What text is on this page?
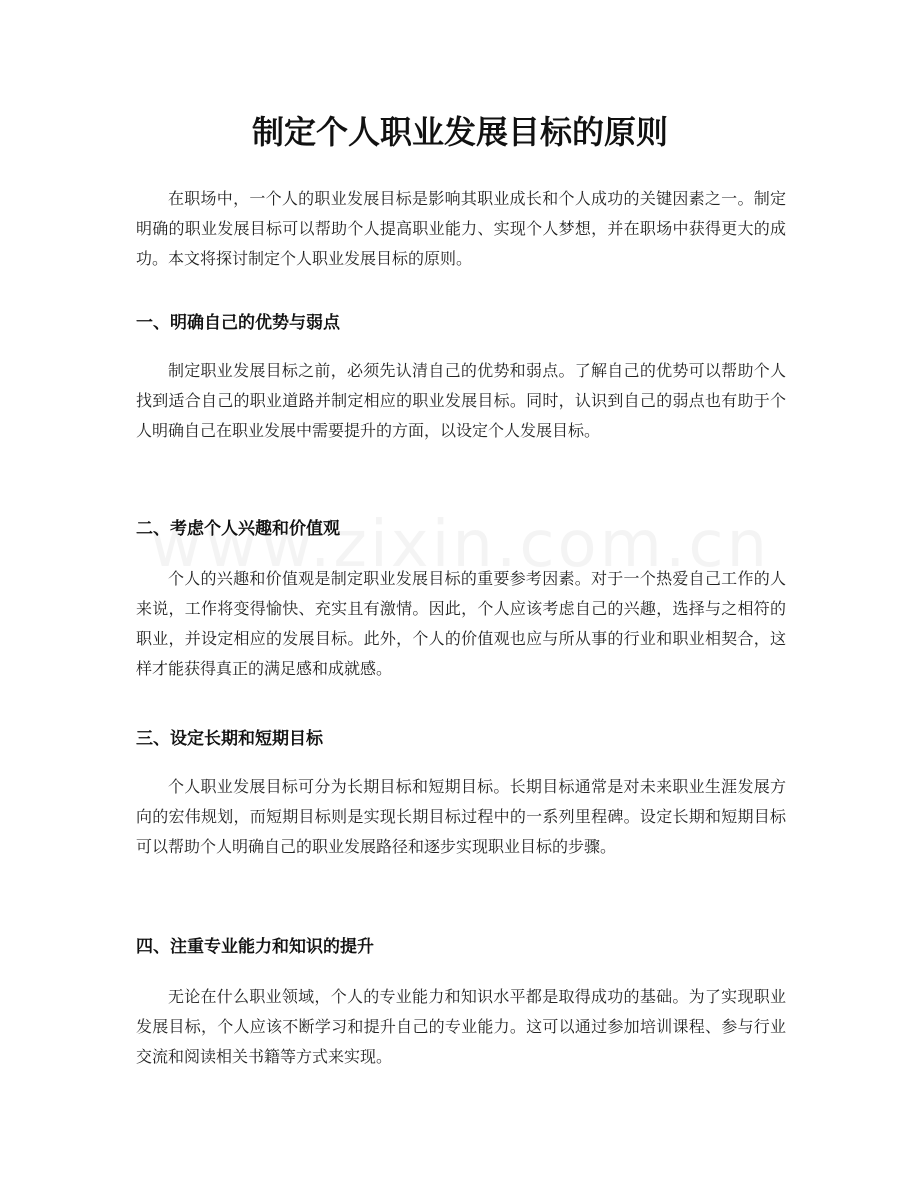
制定个人职业发展目标的原则

在职场中，一个人的职业发展目标是影响其职业成长和个人成功的关键因素之一。制定明确的职业发展目标可以帮助个人提高职业能力、实现个人梦想，并在职场中获得更大的成功。本文将探讨制定个人职业发展目标的原则。

一、明确自己的优势与弱点

制定职业发展目标之前，必须先认清自己的优势和弱点。了解自己的优势可以帮助个人找到适合自己的职业道路并制定相应的职业发展目标。同时，认识到自己的弱点也有助于个人明确自己在职业发展中需要提升的方面，以设定个人发展目标。

二、考虑个人兴趣和价值观

个人的兴趣和价值观是制定职业发展目标的重要参考因素。对于一个热爱自己工作的人来说，工作将变得愉快、充实且有激情。因此，个人应该考虑自己的兴趣，选择与之相符的职业，并设定相应的发展目标。此外，个人的价值观也应与所从事的行业和职业相契合，这样才能获得真正的满足感和成就感。

三、设定长期和短期目标

个人职业发展目标可分为长期目标和短期目标。长期目标通常是对未来职业生涯发展方向的宏伟规划，而短期目标则是实现长期目标过程中的一系列里程碑。设定长期和短期目标可以帮助个人明确自己的职业发展路径和逐步实现职业目标的步骤。

四、注重专业能力和知识的提升

无论在什么职业领域，个人的专业能力和知识水平都是取得成功的基础。为了实现职业发展目标，个人应该不断学习和提升自己的专业能力。这可以通过参加培训课程、参与行业交流和阅读相关书籍等方式来实现。
